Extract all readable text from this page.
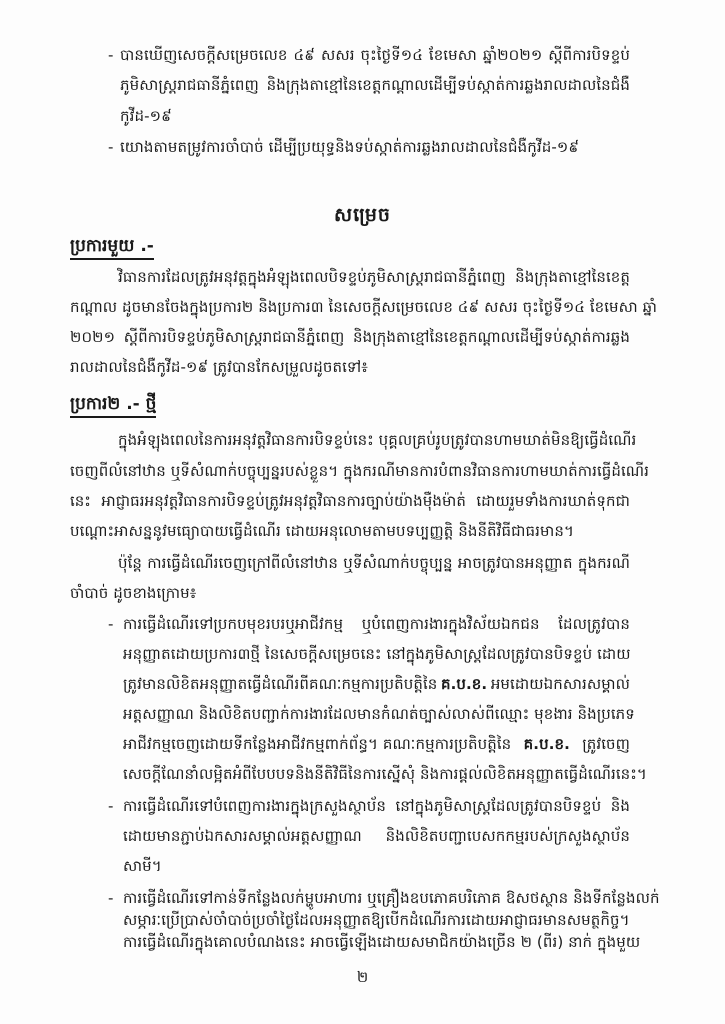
- បានឃើញសេចក្ដីសម្រេចលេខ ៤៩ សសរ ចុះថ្ងៃទី១៤ ខែមេសា ឆ្នាំ២០២១ ស្ដីពីការបិទខ្ទប់
ភូមិសាស្ត្ររាជធានីភ្នំពេញ និងក្រុងតាខ្មៅនៃខេត្តកណ្ដាលដើម្បីទប់ស្កាត់ការឆ្លងរាលដាលនៃជំងឺ
កូវីដ-១៩
- យោងតាមតម្រូវការចាំបាច់ ដើម្បីប្រយុទ្ធនិងទប់ស្កាត់ការឆ្លងរាលដាលនៃជំងឺកូវីដ-១៩
សម្រេច
ប្រការមួយ .-
វិធានការដែលត្រូវអនុវត្តក្នុងអំឡុងពេលបិទខ្ទប់ភូមិសាស្ត្ររាជធានីភ្នំពេញ និងក្រុងតាខ្មៅនៃខេត្ត
កណ្ដាល ដូចមានចែងក្នុងប្រការ២ និងប្រការ៣ នៃសេចក្ដីសម្រេចលេខ ៤៩ សសរ ចុះថ្ងៃទី១៤ ខែមេសា ឆ្នាំ
២០២១ ស្ដីពីការបិទខ្ទប់ភូមិសាស្ត្ររាជធានីភ្នំពេញ និងក្រុងតាខ្មៅនៃខេត្តកណ្ដាលដើម្បីទប់ស្កាត់ការឆ្លង
រាលដាលនៃជំងឺកូវីដ-១៩ ត្រូវបានកែសម្រួលដូចតទៅ៖
ប្រការ២ .- ថ្មី
ក្នុងអំឡុងពេលនៃការអនុវត្តវិធានការបិទខ្ទប់នេះ បុគ្គលគ្រប់រូបត្រូវបានហាមឃាត់មិនឱ្យធ្វើដំណើរ
ចេញពីលំនៅឋាន ឬទីសំណាក់បច្ចុប្បន្នរបស់ខ្លួន។ ក្នុងករណីមានការបំពានវិធានការហាមឃាត់ការធ្វើដំណើរ
នេះ អាជ្ញាធរអនុវត្តវិធានការបិទខ្ទប់ត្រូវអនុវត្តវិធានការច្បាប់យ៉ាងម៉ឺងម៉ាត់ ដោយរួមទាំងការឃាត់ទុកជា
បណ្ដោះអាសន្ននូវមធ្យោបាយធ្វើដំណើរ ដោយអនុលោមតាមបទប្បញ្ញត្តិ និងនីតិវិធីជាធរមាន។
ប៉ុន្តែ ការធ្វើដំណើរចេញក្រៅពីលំនៅឋាន ឬទីសំណាក់បច្ចុប្បន្ន អាចត្រូវបានអនុញ្ញាត ក្នុងករណី
ចាំបាច់ ដូចខាងក្រោម៖
- ការធ្វើដំណើរទៅប្រកបមុខរបរឬអាជីវកម្ម ឬបំពេញការងារក្នុងវិស័យឯកជន ដែលត្រូវបាន
អនុញ្ញាតដោយប្រការ៣ថ្មី នៃសេចក្ដីសម្រេចនេះ នៅក្នុងភូមិសាស្ត្រដែលត្រូវបានបិទខ្ទប់ ដោយ
ត្រូវមានលិខិតអនុញ្ញាតធ្វើដំណើរពីគណៈកម្មការប្រតិបត្តិនៃ គ.ប.ខ. អមដោយឯកសារសម្គាល់
អត្តសញ្ញាណ និងលិខិតបញ្ជាក់ការងារដែលមានកំណត់ច្បាស់លាស់ពីឈ្មោះ មុខងារ និងប្រភេទ
អាជីវកម្មចេញដោយទីកន្លែងអាជីវកម្មពាក់ព័ន្ធ។ គណៈកម្មការប្រតិបត្តិនៃ គ.ប.ខ. ត្រូវចេញ
សេចក្ដីណែនាំលម្អិតអំពីបែបបទនិងនីតិវិធីនៃការស្នើសុំ និងការផ្ដល់លិខិតអនុញ្ញាតធ្វើដំណើរនេះ។
- ការធ្វើដំណើរទៅបំពេញការងារក្នុងក្រសួងស្ថាប័ន នៅក្នុងភូមិសាស្ត្រដែលត្រូវបានបិទខ្ទប់ និង
ដោយមានភ្ជាប់ឯកសារសម្គាល់អត្តសញ្ញាណ និងលិខិតបញ្ជាបេសកកម្មរបស់ក្រសួងស្ថាប័ន
សាមី។
- ការធ្វើដំណើរទៅកាន់ទីកន្លែងលក់ម្ហូបអាហារ ឬគ្រឿងឧបភោគបរិភោគ ឱសថស្ថាន និងទីកន្លែងលក់
សម្ភារៈប្រើប្រាស់ចាំបាច់ប្រចាំថ្ងៃដែលអនុញ្ញាតឱ្យបើកដំណើរការដោយអាជ្ញាធរមានសមត្ថកិច្ច។
ការធ្វើដំណើរក្នុងគោលបំណងនេះ អាចធ្វើឡើងដោយសមាជិកយ៉ាងច្រើន ២ (ពីរ) នាក់ ក្នុងមួយ
២
